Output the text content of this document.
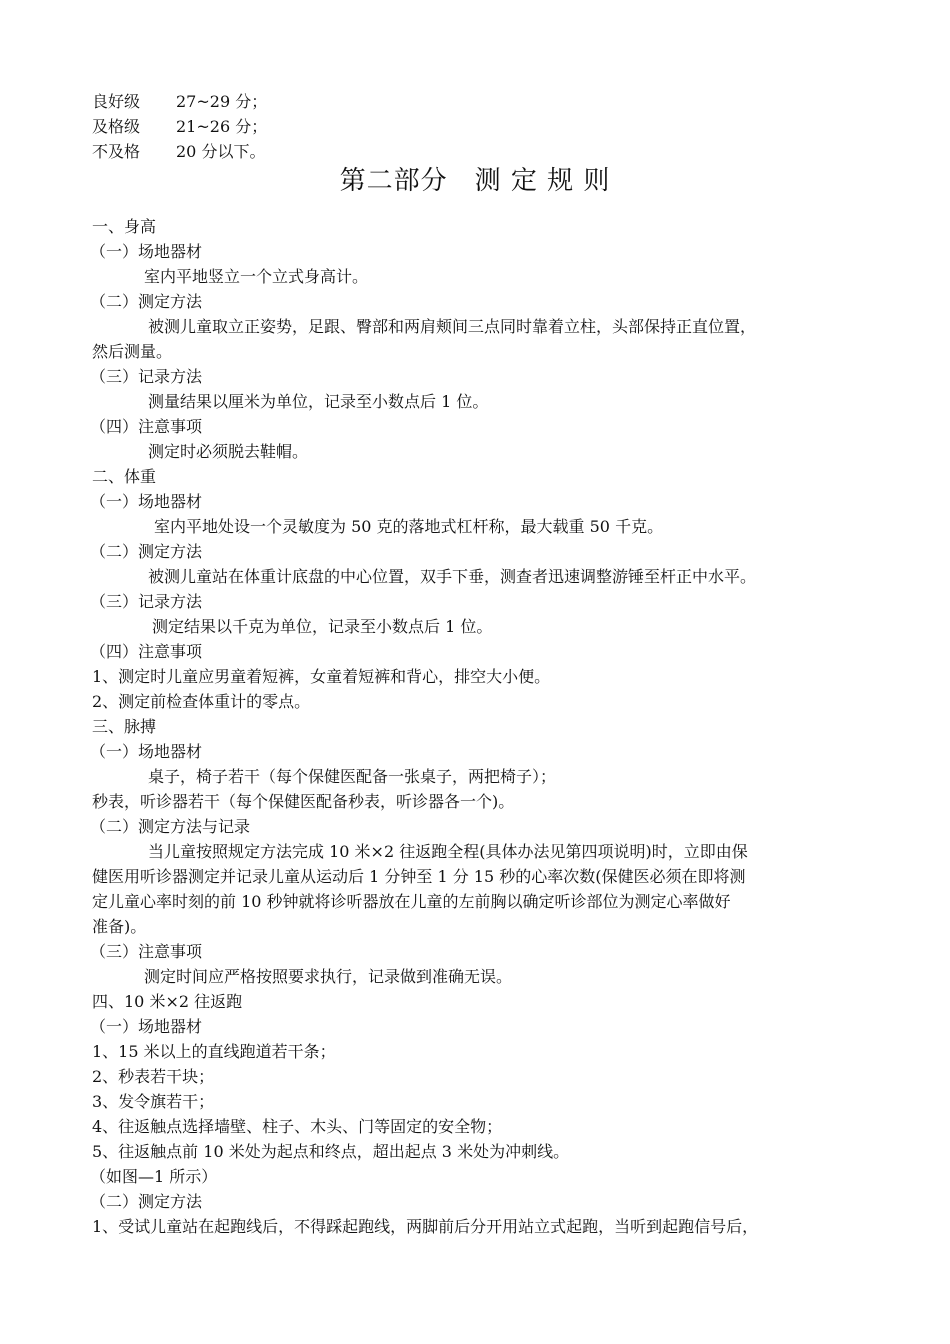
良好级 27~29 分；
及格级 21~26 分；
不及格 20 分以下。
第二部分　测 定 规 则
一、身高
（一）场地器材
室内平地竖立一个立式身高计。
（二）测定方法
被测儿童取立正姿势，足跟、臀部和两肩颊间三点同时靠着立柱，头部保持正直位置，
然后测量。
（三）记录方法
测量结果以厘米为单位，记录至小数点后 1 位。
（四）注意事项
测定时必须脱去鞋帽。
二、体重
（一）场地器材
室内平地处设一个灵敏度为 50 克的落地式杠杆称，最大载重 50 千克。
（二）测定方法
被测儿童站在体重计底盘的中心位置，双手下垂，测查者迅速调整游锤至杆正中水平。
（三）记录方法
测定结果以千克为单位，记录至小数点后 1 位。
（四）注意事项
1、测定时儿童应男童着短裤，女童着短裤和背心，排空大小便。
2、测定前检查体重计的零点。
三、脉搏
（一）场地器材
桌子，椅子若干（每个保健医配备一张桌子，两把椅子）；
秒表，听诊器若干（每个保健医配备秒表，听诊器各一个)。
（二）测定方法与记录
当儿童按照规定方法完成 10 米×2 往返跑全程(具体办法见第四项说明)时，立即由保
健医用听诊器测定并记录儿童从运动后 1 分钟至 1 分 15 秒的心率次数(保健医必须在即将测
定儿童心率时刻的前 10 秒钟就将诊听器放在儿童的左前胸以确定听诊部位为测定心率做好
准备)。
（三）注意事项
测定时间应严格按照要求执行，记录做到准确无误。
四、10 米×2 往返跑
（一）场地器材
1、15 米以上的直线跑道若干条；
2、秒表若干块；
3、发令旗若干；
4、往返触点选择墙壁、柱子、木头、门等固定的安全物；
5、往返触点前 10 米处为起点和终点，超出起点 3 米处为冲刺线。
（如图—1 所示）
（二）测定方法
1、受试儿童站在起跑线后，不得踩起跑线，两脚前后分开用站立式起跑，当听到起跑信号后，
